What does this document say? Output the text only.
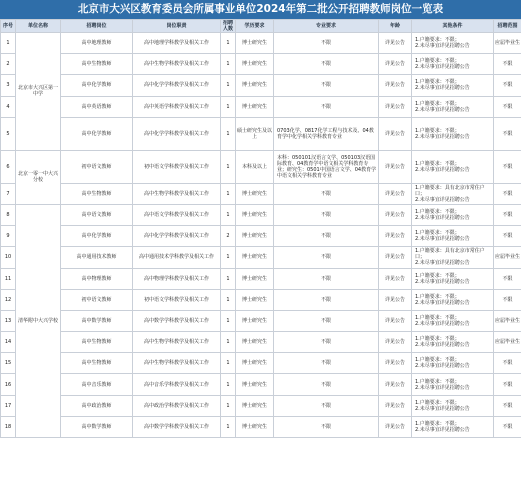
北京市大兴区教育委员会所属事业单位2024年第二批公开招聘教师岗位一览表
序号	单位名称	招聘岗位	岗位职责	招聘人数	学历要求	专业要求	年龄	其他条件	招聘范围
1	北京市大兴区第一中学	高中地理教师	高中地理学科教学及相关工作	1	博士研究生	不限	详见公告	1.户籍要求：不限；
2.未尽事宜详见招聘公告	应届毕业生
2		高中生物教师	高中生物学科教学及相关工作	1	博士研究生	不限	详见公告	1.户籍要求：不限；
2.未尽事宜详见招聘公告	不限
3		高中化学教师	高中化学学科教学及相关工作	1	博士研究生	不限	详见公告	1.户籍要求：不限；
2.未尽事宜详见招聘公告	不限
4		高中英语教师	高中英语学科教学及相关工作	1	博士研究生	不限	详见公告	1.户籍要求：不限；
2.未尽事宜详见招聘公告	不限
5		高中化学教师	高中化学学科教学及相关工作	1	硕士研究生及以上	0703化学、0817化学工程与技术及、04教育学中化学相关学科教育专业	详见公告	1.户籍要求：不限；
2.未尽事宜详见招聘公告	不限
6	北京一零一中大兴分校	初中语文教师	初中语文学科教学及相关工作	1	本科及以上	本科：050101汉语言文学、050103汉语国际教育、04教育学中语文相关学科教育专业；研究生：0501中国语言文学、04教育学中语文相关学科教育专业	详见公告	1.户籍要求：不限；
2.未尽事宜详见招聘公告	不限
7		高中生物教师	高中生物学科教学及相关工作	1	博士研究生	不限	详见公告	1.户籍要求：具有北京市常住户口；
2.未尽事宜详见招聘公告	不限
8	清华附中大兴学校	高中语文教师	高中语文学科教学及相关工作	1	博士研究生	不限	详见公告	1.户籍要求：不限；
2.未尽事宜详见招聘公告	不限
9		高中化学教师	高中化学学科教学及相关工作	2	博士研究生	不限	详见公告	1.户籍要求：不限；
2.未尽事宜详见招聘公告	不限
10		高中通用技术教师	高中通用技术学科教学及相关工作	1	博士研究生	不限	详见公告	1.户籍要求：具有北京市常住户口；
2.未尽事宜详见招聘公告	应届毕业生
11		高中物理教师	高中物理学科教学及相关工作	1	博士研究生	不限	详见公告	1.户籍要求：不限；
2.未尽事宜详见招聘公告	不限
12		初中语文教师	初中语文学科教学及相关工作	1	博士研究生	不限	详见公告	1.户籍要求：不限；
2.未尽事宜详见招聘公告	不限
13		高中数学教师	高中数学学科教学及相关工作	1	博士研究生	不限	详见公告	1.户籍要求：不限；
2.未尽事宜详见招聘公告	应届毕业生
14		高中生物教师	高中生物学科教学及相关工作	1	博士研究生	不限	详见公告	1.户籍要求：不限；
2.未尽事宜详见招聘公告	应届毕业生
15		高中生物教师	高中生物学科教学及相关工作	1	博士研究生	不限	详见公告	1.户籍要求：不限；
2.未尽事宜详见招聘公告	不限
16		高中音乐教师	高中音乐学科教学及相关工作	1	博士研究生	不限	详见公告	1.户籍要求：不限；
2.未尽事宜详见招聘公告	不限
17		高中政治教师	高中政治学科教学及相关工作	1	博士研究生	不限	详见公告	1.户籍要求：不限；
2.未尽事宜详见招聘公告	不限
18		高中数学教师	高中数学学科教学及相关工作	1	博士研究生	不限	详见公告	1.户籍要求：不限；
2.未尽事宜详见招聘公告	不限
